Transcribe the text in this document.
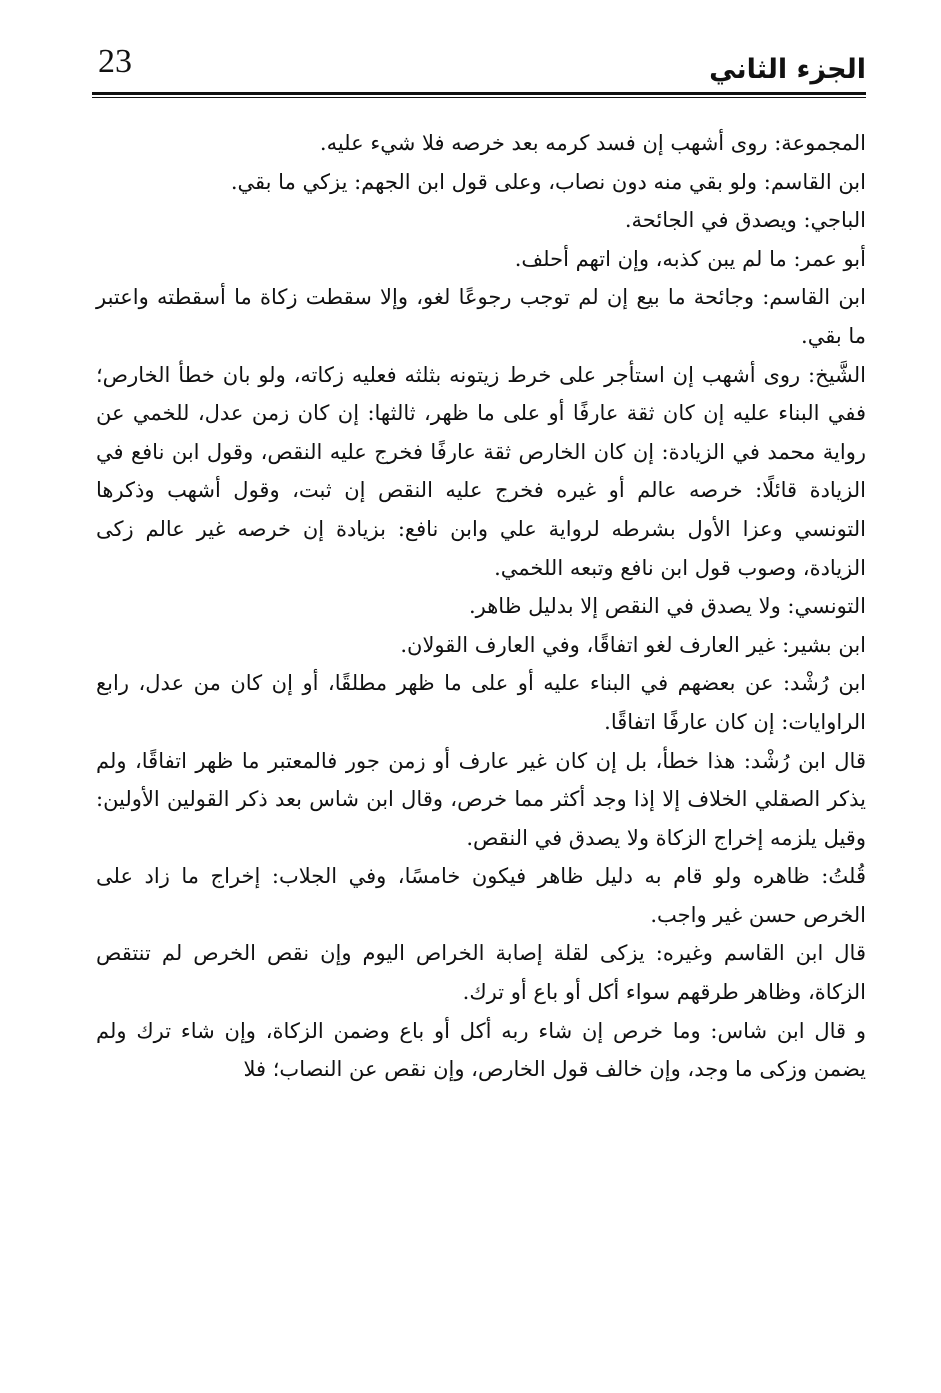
23	الجزء الثاني

المجموعة: روى أشهب إن فسد كرمه بعد خرصه فلا شيء عليه.

ابن القاسم: ولو بقي منه دون نصاب، وعلى قول ابن الجهم: يزكي ما بقي.

الباجي: ويصدق في الجائحة.

أبو عمر: ما لم يبن كذبه، وإن اتهم أحلف.

ابن القاسم: وجائحة ما بيع إن لم توجب رجوعًا لغو، وإلا سقطت زكاة ما أسقطته واعتبر ما بقي.

الشَّيخ: روى أشهب إن استأجر على خرط زيتونه بثلثه فعليه زكاته، ولو بان خطأ الخارص؛ ففي البناء عليه إن كان ثقة عارفًا أو على ما ظهر، ثالثها: إن كان زمن عدل، للخمي عن رواية محمد في الزيادة: إن كان الخارص ثقة عارفًا فخرج عليه النقص، وقول ابن نافع في الزيادة قائلًا: خرصه عالم أو غيره فخرج عليه النقص إن ثبت، وقول أشهب وذكرها التونسي وعزا الأول بشرطه لرواية علي وابن نافع: بزيادة إن خرصه غير عالم زكى الزيادة، وصوب قول ابن نافع وتبعه اللخمي.

التونسي: ولا يصدق في النقص إلا بدليل ظاهر.

ابن بشير: غير العارف لغو اتفاقًا، وفي العارف القولان.

ابن رُشْد: عن بعضهم في البناء عليه أو على ما ظهر مطلقًا، أو إن كان من عدل، رابع الراوايات: إن كان عارفًا اتفاقًا.

قال ابن رُشْد: هذا خطأ، بل إن كان غير عارف أو زمن جور فالمعتبر ما ظهر اتفاقًا، ولم يذكر الصقلي الخلاف إلا إذا وجد أكثر مما خرص، وقال ابن شاس بعد ذكر القولين الأولين: وقيل يلزمه إخراج الزكاة ولا يصدق في النقص.

قُلتُ: ظاهره ولو قام به دليل ظاهر فيكون خامسًا، وفي الجلاب: إخراج ما زاد على الخرص حسن غير واجب.

قال ابن القاسم وغيره: يزكى لقلة إصابة الخراص اليوم وإن نقص الخرص لم تنتقص الزكاة، وظاهر طرقهم سواء أكل أو باع أو ترك.

و قال ابن شاس: وما خرص إن شاء ربه أكل أو باع وضمن الزكاة، وإن شاء ترك ولم يضمن وزكى ما وجد، وإن خالف قول الخارص، وإن نقص عن النصاب؛ فلا
